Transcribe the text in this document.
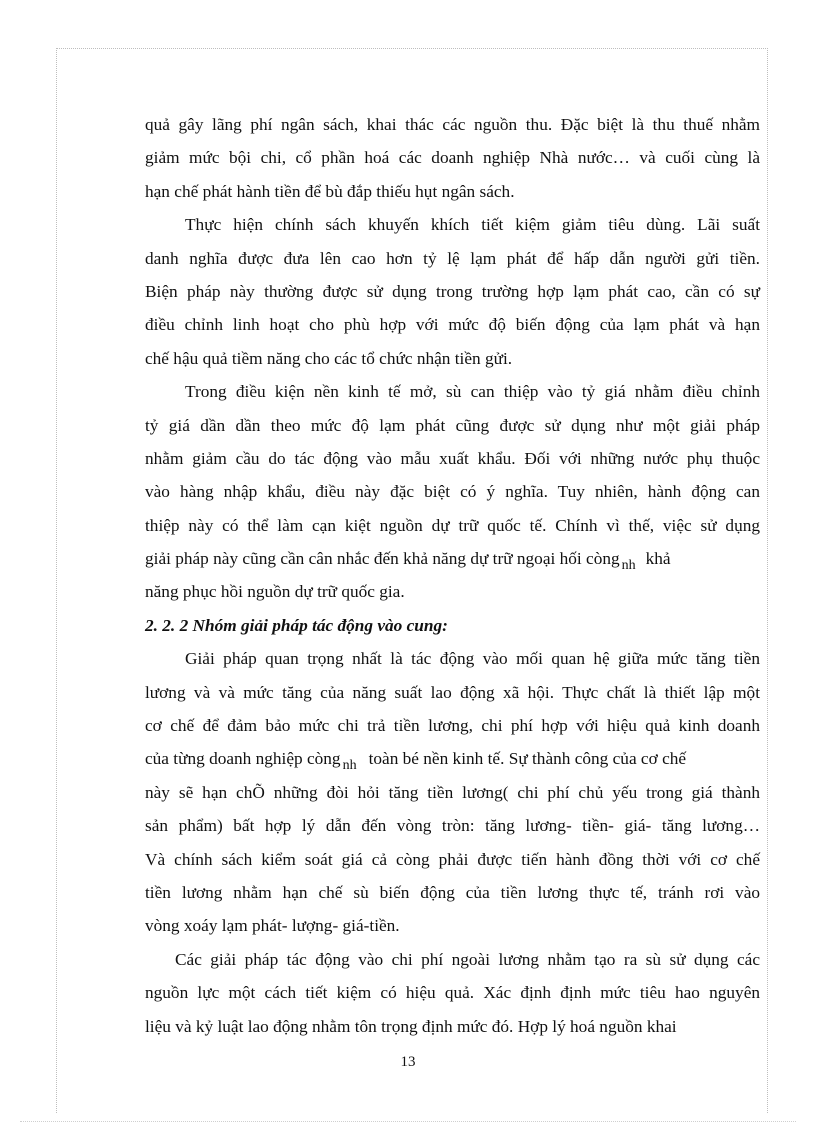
quả gây lãng phí ngân sách, khai thác các nguồn thu. Đặc biệt là thu thuế nhằm
giảm mức bội chi, cổ phần hoá các doanh nghiệp Nhà nước… và cuối cùng là
hạn chế phát hành tiền để bù đắp thiếu hụt ngân sách.
Thực hiện chính sách khuyến khích tiết kiệm giảm tiêu dùng. Lãi suất
danh nghĩa được đưa lên cao hơn tỷ lệ lạm phát để hấp dẫn người gửi tiền.
Biện pháp này thường được sử dụng trong trường hợp lạm phát cao, cần có sự
điều chỉnh linh hoạt cho phù hợp với mức độ biến động của lạm phát và hạn
chế hậu quả tiềm năng cho các tổ chức nhận tiền gửi.
Trong điều kiện nền kinh tế mở, sù can thiệp vào tỷ giá nhằm điều chỉnh
tỷ giá dần dần theo mức độ lạm phát cũng được sử dụng như một giải pháp
nhằm giảm cầu do tác động vào mẫu xuất khẩu. Đối với những nước phụ thuộc
vào hàng nhập khẩu, điều này đặc biệt có ý nghĩa. Tuy nhiên, hành động can
thiệp này có thể làm cạn kiệt nguồn dự trữ quốc tế. Chính vì thế, việc sử dụng
giải pháp này cũng cần cân nhắc đến khả năng dự trữ ngoại hối còng $_{nh}$ khả
năng phục hồi nguồn dự trữ quốc gia.
2. 2. 2 Nhóm giải pháp tác động vào cung:
Giải pháp quan trọng nhất là tác động vào mối quan hệ giữa mức tăng tiền
lương và và mức tăng của năng suất lao động xã hội. Thực chất là thiết lập một
cơ chế để đảm bảo mức chi trả tiền lương, chi phí hợp với hiệu quả kinh doanh
của từng doanh nghiệp còng $_{nh}$ toàn bé nền kinh tế. Sự thành công của cơ chế
này sẽ hạn chÕ những đòi hỏi tăng tiền lương( chi phí chủ yếu trong giá thành
sản phẩm) bất hợp lý dẫn đến vòng tròn: tăng lương- tiền- giá- tăng lương…
Và chính sách kiểm soát giá cả còng phải được tiến hành đồng thời với cơ chế
tiền lương nhằm hạn chế sù biến động của tiền lương thực tế, tránh rơi vào
vòng xoáy lạm phát- lượng- giá-tiền.
Các giải pháp tác động vào chi phí ngoài lương nhằm tạo ra sù sử dụng các
nguồn lực một cách tiết kiệm có hiệu quả. Xác định định mức tiêu hao nguyên
liệu và kỷ luật lao động nhằm tôn trọng định mức đó. Hợp lý hoá nguồn khai
13
